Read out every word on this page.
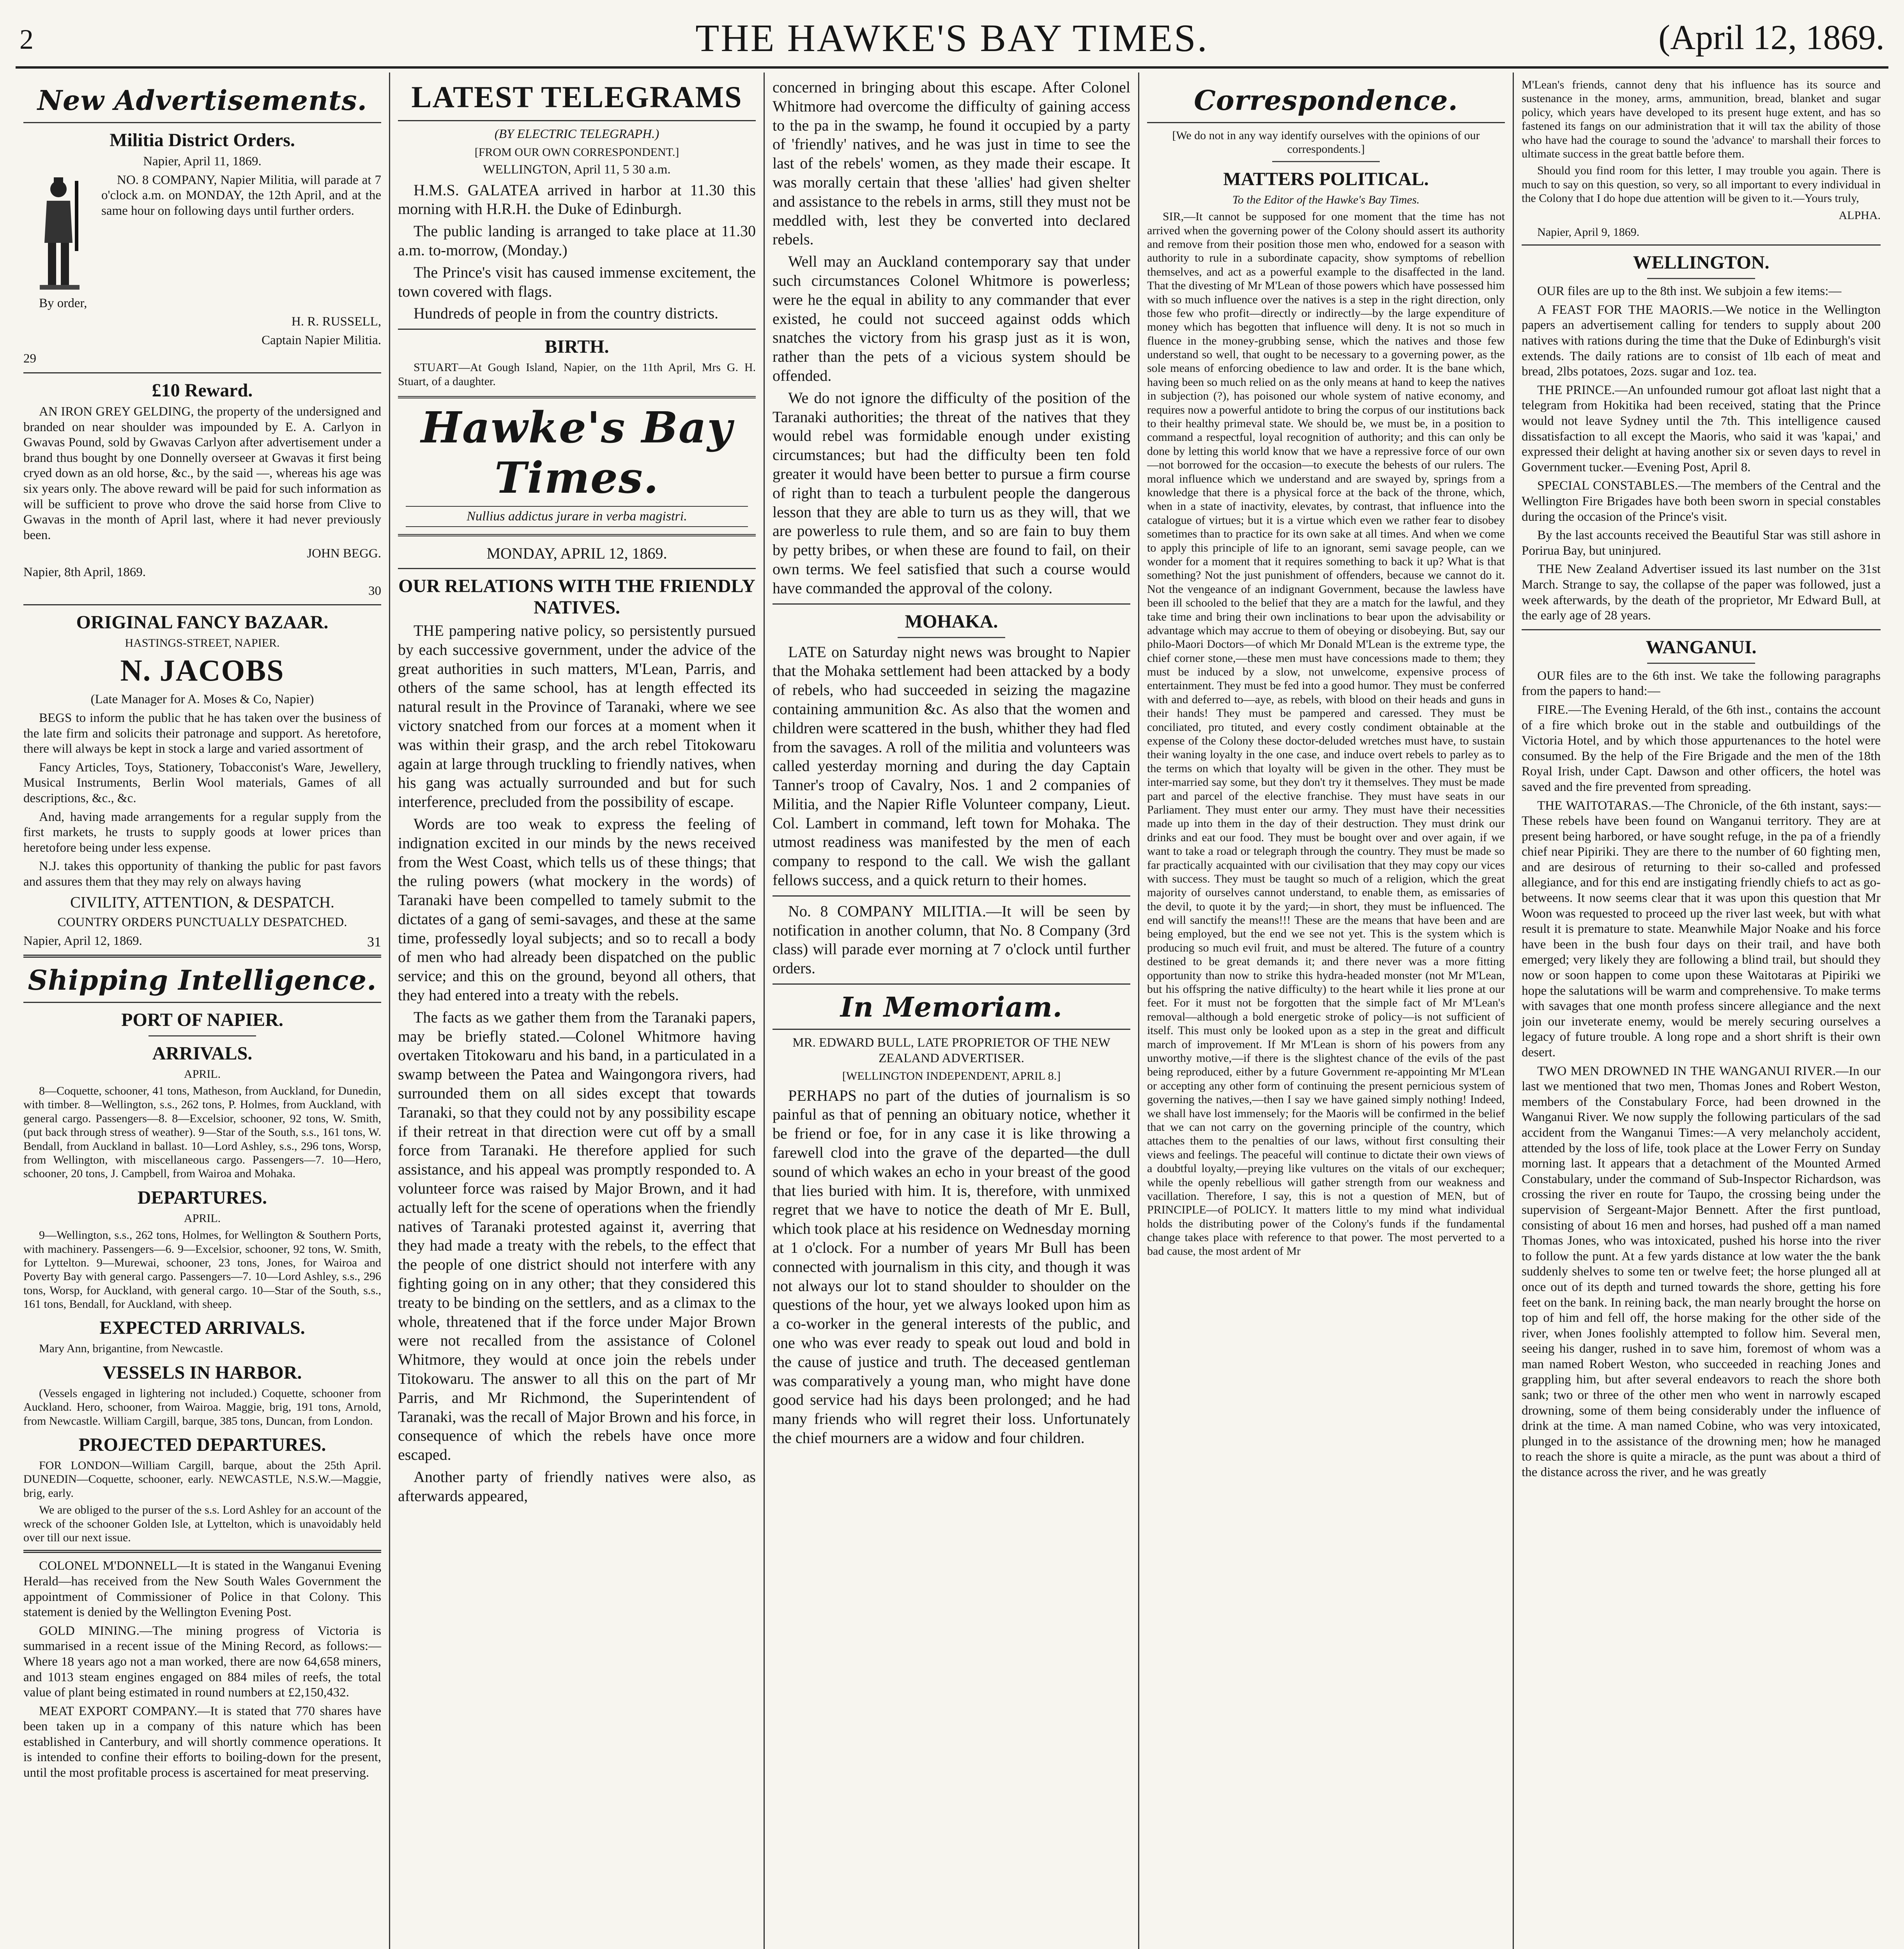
2	THE HAWKE'S BAY TIMES.	(April 12, 1869.
New Advertisements.
Militia District Orders.

Napier, April 11, 1869.

NO. 8 COMPANY, Napier Militia, will parade at 7 o'clock a.m. on MONDAY, the 12th April, and at the same hour on following days until further orders.

By order,

H. R. RUSSELL,

Captain Napier Militia.

29

£10 Reward.

AN IRON GREY GELDING, the property of the undersigned and branded on near shoulder was impounded by E. A. Carlyon in Gwavas Pound, sold by Gwavas Carlyon after advertisement under a brand thus bought by one Donnelly overseer at Gwavas it first being cryed down as an old horse, &c., by the said —, whereas his age was six years only. The above reward will be paid for such information as will be sufficient to prove who drove the said horse from Clive to Gwavas in the month of April last, where it had never previously been.

JOHN BEGG.

Napier, 8th April, 1869.

30

ORIGINAL FANCY BAZAAR.

HASTINGS-STREET, NAPIER.

N. JACOBS

(Late Manager for A. Moses & Co, Napier)

BEGS to inform the public that he has taken over the business of the late firm and solicits their patronage and support. As heretofore, there will always be kept in stock a large and varied assortment of

Fancy Articles, Toys, Stationery, Tobacconist's Ware, Jewellery, Musical Instruments, Berlin Wool materials, Games of all descriptions, &c., &c.

And, having made arrangements for a regular supply from the first markets, he trusts to supply goods at lower prices than heretofore being under less expense.

N.J. takes this opportunity of thanking the public for past favors and assures them that they may rely on always having

CIVILITY, ATTENTION, & DESPATCH.

COUNTRY ORDERS PUNCTUALLY DESPATCHED.

Napier, April 12, 1869.	31

Shipping Intelligence.
PORT OF NAPIER.
ARRIVALS.

APRIL.

8—Coquette, schooner, 41 tons, Matheson, from Auckland, for Dunedin, with timber. 8—Wellington, s.s., 262 tons, P. Holmes, from Auckland, with general cargo. Passengers—8. 8—Excelsior, schooner, 92 tons, W. Smith, (put back through stress of weather). 9—Star of the South, s.s., 161 tons, W. Bendall, from Auckland in ballast. 10—Lord Ashley, s.s., 296 tons, Worsp, from Wellington, with miscellaneous cargo. Passengers—7. 10—Hero, schooner, 20 tons, J. Campbell, from Wairoa and Mohaka.

DEPARTURES.

APRIL.

9—Wellington, s.s., 262 tons, Holmes, for Wellington & Southern Ports, with machinery. Passengers—6. 9—Excelsior, schooner, 92 tons, W. Smith, for Lyttelton. 9—Murewai, schooner, 23 tons, Jones, for Wairoa and Poverty Bay with general cargo. Passengers—7. 10—Lord Ashley, s.s., 296 tons, Worsp, for Auckland, with general cargo. 10—Star of the South, s.s., 161 tons, Bendall, for Auckland, with sheep.

EXPECTED ARRIVALS.

Mary Ann, brigantine, from Newcastle.

VESSELS IN HARBOR.

(Vessels engaged in lightering not included.) Coquette, schooner from Auckland. Hero, schooner, from Wairoa. Maggie, brig, 191 tons, Arnold, from Newcastle. William Cargill, barque, 385 tons, Duncan, from London.

PROJECTED DEPARTURES.

FOR LONDON—William Cargill, barque, about the 25th April. DUNEDIN—Coquette, schooner, early. NEWCASTLE, N.S.W.—Maggie, brig, early.

We are obliged to the purser of the s.s. Lord Ashley for an account of the wreck of the schooner Golden Isle, at Lyttelton, which is unavoidably held over till our next issue.

COLONEL M'DONNELL—It is stated in the Wanganui Evening Herald—has received from the New South Wales Government the appointment of Commissioner of Police in that Colony. This statement is denied by the Wellington Evening Post.

GOLD MINING.—The mining progress of Victoria is summarised in a recent issue of the Mining Record, as follows:—Where 18 years ago not a man worked, there are now 64,658 miners, and 1013 steam engines engaged on 884 miles of reefs, the total value of plant being estimated in round numbers at £2,150,432.

MEAT EXPORT COMPANY.—It is stated that 770 shares have been taken up in a company of this nature which has been established in Canterbury, and will shortly commence operations. It is intended to confine their efforts to boiling-down for the present, until the most profitable process is ascertained for meat preserving.

LATEST TELEGRAMS

(BY ELECTRIC TELEGRAPH.)

[FROM OUR OWN CORRESPONDENT.]

WELLINGTON, April 11, 5 30 a.m.

H.M.S. GALATEA arrived in harbor at 11.30 this morning with H.R.H. the Duke of Edinburgh.

The public landing is arranged to take place at 11.30 a.m. to-morrow, (Monday.)

The Prince's visit has caused immense excitement, the town covered with flags.

Hundreds of people in from the country districts.

BIRTH.

STUART—At Gough Island, Napier, on the 11th April, Mrs G. H. Stuart, of a daughter.

Hawke's Bay Times.
Nullius addictus jurare in verba magistri.
MONDAY, APRIL 12, 1869.
OUR RELATIONS WITH THE FRIENDLY NATIVES.

THE pampering native policy, so persistently pursued by each successive government, under the advice of the great authorities in such matters, M'Lean, Parris, and others of the same school, has at length effected its natural result in the Province of Taranaki, where we see victory snatched from our forces at a moment when it was within their grasp, and the arch rebel Titokowaru again at large through truckling to friendly natives, when his gang was actually surrounded and but for such interference, precluded from the possibility of escape.

Words are too weak to express the feeling of indignation excited in our minds by the news received from the West Coast, which tells us of these things; that the ruling powers (what mockery in the words) of Taranaki have been compelled to tamely submit to the dictates of a gang of semi-savages, and these at the same time, professedly loyal subjects; and so to recall a body of men who had already been dispatched on the public service; and this on the ground, beyond all others, that they had entered into a treaty with the rebels.

The facts as we gather them from the Taranaki papers, may be briefly stated.—Colonel Whitmore having overtaken Titokowaru and his band, in a particulated in a swamp between the Patea and Waingongora rivers, had surrounded them on all sides except that towards Taranaki, so that they could not by any possibility escape if their retreat in that direction were cut off by a small force from Taranaki. He therefore applied for such assistance, and his appeal was promptly responded to. A volunteer force was raised by Major Brown, and it had actually left for the scene of operations when the friendly natives of Taranaki protested against it, averring that they had made a treaty with the rebels, to the effect that the people of one district should not interfere with any fighting going on in any other; that they considered this treaty to be binding on the settlers, and as a climax to the whole, threatened that if the force under Major Brown were not recalled from the assistance of Colonel Whitmore, they would at once join the rebels under Titokowaru. The answer to all this on the part of Mr Parris, and Mr Richmond, the Superintendent of Taranaki, was the recall of Major Brown and his force, in consequence of which the rebels have once more escaped.

Another party of friendly natives were also, as afterwards appeared,

concerned in bringing about this escape. After Colonel Whitmore had overcome the difficulty of gaining access to the pa in the swamp, he found it occupied by a party of 'friendly' natives, and he was just in time to see the last of the rebels' women, as they made their escape. It was morally certain that these 'allies' had given shelter and assistance to the rebels in arms, still they must not be meddled with, lest they be converted into declared rebels.

Well may an Auckland contemporary say that under such circumstances Colonel Whitmore is powerless; were he the equal in ability to any commander that ever existed, he could not succeed against odds which snatches the victory from his grasp just as it is won, rather than the pets of a vicious system should be offended.

We do not ignore the difficulty of the position of the Taranaki authorities; the threat of the natives that they would rebel was formidable enough under existing circumstances; but had the difficulty been ten fold greater it would have been better to pursue a firm course of right than to teach a turbulent people the dangerous lesson that they are able to turn us as they will, that we are powerless to rule them, and so are fain to buy them by petty bribes, or when these are found to fail, on their own terms. We feel satisfied that such a course would have commanded the approval of the colony.

MOHAKA.

LATE on Saturday night news was brought to Napier that the Mohaka settlement had been attacked by a body of rebels, who had succeeded in seizing the magazine containing ammunition &c. As also that the women and children were scattered in the bush, whither they had fled from the savages. A roll of the militia and volunteers was called yesterday morning and during the day Captain Tanner's troop of Cavalry, Nos. 1 and 2 companies of Militia, and the Napier Rifle Volunteer company, Lieut. Col. Lambert in command, left town for Mohaka. The utmost readiness was manifested by the men of each company to respond to the call. We wish the gallant fellows success, and a quick return to their homes.

No. 8 COMPANY MILITIA.—It will be seen by notification in another column, that No. 8 Company (3rd class) will parade ever morning at 7 o'clock until further orders.

In Memoriam.

MR. EDWARD BULL, LATE PROPRIETOR OF THE NEW ZEALAND ADVERTISER.

[WELLINGTON INDEPENDENT, APRIL 8.]

PERHAPS no part of the duties of journalism is so painful as that of penning an obituary notice, whether it be friend or foe, for in any case it is like throwing a farewell clod into the grave of the departed—the dull sound of which wakes an echo in your breast of the good that lies buried with him. It is, therefore, with unmixed regret that we have to notice the death of Mr E. Bull, which took place at his residence on Wednesday morning at 1 o'clock. For a number of years Mr Bull has been connected with journalism in this city, and though it was not always our lot to stand shoulder to shoulder on the questions of the hour, yet we always looked upon him as a co-worker in the general interests of the public, and one who was ever ready to speak out loud and bold in the cause of justice and truth. The deceased gentleman was comparatively a young man, who might have done good service had his days been prolonged; and he had many friends who will regret their loss. Unfortunately the chief mourners are a widow and four children.

Correspondence.

[We do not in any way identify ourselves with the opinions of our correspondents.]

MATTERS POLITICAL.

To the Editor of the Hawke's Bay Times.

SIR,—It cannot be supposed for one moment that the time has not arrived when the governing power of the Colony should assert its authority and remove from their position those men who, endowed for a season with authority to rule in a subordinate capacity, show symptoms of rebellion themselves, and act as a powerful example to the disaffected in the land. That the divesting of Mr M'Lean of those powers which have possessed him with so much influence over the natives is a step in the right direction, only those few who profit—directly or indirectly—by the large expenditure of money which has begotten that influence will deny. It is not so much in fluence in the money-grubbing sense, which the natives and those few understand so well, that ought to be necessary to a governing power, as the sole means of enforcing obedience to law and order. It is the bane which, having been so much relied on as the only means at hand to keep the natives in subjection (?), has poisoned our whole system of native economy, and requires now a powerful antidote to bring the corpus of our institutions back to their healthy primeval state. We should be, we must be, in a position to command a respectful, loyal recognition of authority; and this can only be done by letting this world know that we have a repressive force of our own—not borrowed for the occasion—to execute the behests of our rulers. The moral influence which we understand and are swayed by, springs from a knowledge that there is a physical force at the back of the throne, which, when in a state of inactivity, elevates, by contrast, that influence into the catalogue of virtues; but it is a virtue which even we rather fear to disobey sometimes than to practice for its own sake at all times. And when we come to apply this principle of life to an ignorant, semi savage people, can we wonder for a moment that it requires something to back it up? What is that something? Not the just punishment of offenders, because we cannot do it. Not the vengeance of an indignant Government, because the lawless have been ill schooled to the belief that they are a match for the lawful, and they take time and bring their own inclinations to bear upon the advisability or advantage which may accrue to them of obeying or disobeying. But, say our philo-Maori Doctors—of which Mr Donald M'Lean is the extreme type, the chief corner stone,—these men must have concessions made to them; they must be induced by a slow, not unwelcome, expensive process of entertainment. They must be fed into a good humor. They must be conferred with and deferred to—aye, as rebels, with blood on their heads and guns in their hands! They must be pampered and caressed. They must be conciliated, pro tituted, and every costly condiment obtainable at the expense of the Colony these doctor-deluded wretches must have, to sustain their waning loyalty in the one case, and induce overt rebels to parley as to the terms on which that loyalty will be given in the other. They must be inter-married say some, but they don't try it themselves. They must be made part and parcel of the elective franchise. They must have seats in our Parliament. They must enter our army. They must have their necessities made up into them in the day of their destruction. They must drink our drinks and eat our food. They must be bought over and over again, if we want to take a road or telegraph through the country. They must be made so far practically acquainted with our civilisation that they may copy our vices with success. They must be taught so much of a religion, which the great majority of ourselves cannot understand, to enable them, as emissaries of the devil, to quote it by the yard;—in short, they must be influenced. The end will sanctify the means!!! These are the means that have been and are being employed, but the end we see not yet. This is the system which is producing so much evil fruit, and must be altered. The future of a country destined to be great demands it; and there never was a more fitting opportunity than now to strike this hydra-headed monster (not Mr M'Lean, but his offspring the native difficulty) to the heart while it lies prone at our feet. For it must not be forgotten that the simple fact of Mr M'Lean's removal—although a bold energetic stroke of policy—is not sufficient of itself. This must only be looked upon as a step in the great and difficult march of improvement. If Mr M'Lean is shorn of his powers from any unworthy motive,—if there is the slightest chance of the evils of the past being reproduced, either by a future Government re-appointing Mr M'Lean or accepting any other form of continuing the present pernicious system of governing the natives,—then I say we have gained simply nothing! Indeed, we shall have lost immensely; for the Maoris will be confirmed in the belief that we can not carry on the governing principle of the country, which attaches them to the penalties of our laws, without first consulting their views and feelings. The peaceful will continue to dictate their own views of a doubtful loyalty,—preying like vultures on the vitals of our exchequer; while the openly rebellious will gather strength from our weakness and vacillation. Therefore, I say, this is not a question of MEN, but of PRINCIPLE—of POLICY. It matters little to my mind what individual holds the distributing power of the Colony's funds if the fundamental change takes place with reference to that power. The most perverted to a bad cause, the most ardent of Mr

M'Lean's friends, cannot deny that his influence has its source and sustenance in the money, arms, ammunition, bread, blanket and sugar policy, which years have developed to its present huge extent, and has so fastened its fangs on our administration that it will tax the ability of those who have had the courage to sound the 'advance' to marshall their forces to ultimate success in the great battle before them.

Should you find room for this letter, I may trouble you again. There is much to say on this question, so very, so all important to every individual in the Colony that I do hope due attention will be given to it.—Yours truly,

ALPHA.

Napier, April 9, 1869.

WELLINGTON.

OUR files are up to the 8th inst. We subjoin a few items:—

A FEAST FOR THE MAORIS.—We notice in the Wellington papers an advertisement calling for tenders to supply about 200 natives with rations during the time that the Duke of Edinburgh's visit extends. The daily rations are to consist of 1lb each of meat and bread, 2lbs potatoes, 2ozs. sugar and 1oz. tea.

THE PRINCE.—An unfounded rumour got afloat last night that a telegram from Hokitika had been received, stating that the Prince would not leave Sydney until the 7th. This intelligence caused dissatisfaction to all except the Maoris, who said it was 'kapai,' and expressed their delight at having another six or seven days to revel in Government tucker.—Evening Post, April 8.

SPECIAL CONSTABLES.—The members of the Central and the Wellington Fire Brigades have both been sworn in special constables during the occasion of the Prince's visit.

By the last accounts received the Beautiful Star was still ashore in Porirua Bay, but uninjured.

THE New Zealand Advertiser issued its last number on the 31st March. Strange to say, the collapse of the paper was followed, just a week afterwards, by the death of the proprietor, Mr Edward Bull, at the early age of 28 years.

WANGANUI.

OUR files are to the 6th inst. We take the following paragraphs from the papers to hand:—

FIRE.—The Evening Herald, of the 6th inst., contains the account of a fire which broke out in the stable and outbuildings of the Victoria Hotel, and by which those appurtenances to the hotel were consumed. By the help of the Fire Brigade and the men of the 18th Royal Irish, under Capt. Dawson and other officers, the hotel was saved and the fire prevented from spreading.

THE WAITOTARAS.—The Chronicle, of the 6th instant, says:—These rebels have been found on Wanganui territory. They are at present being harbored, or have sought refuge, in the pa of a friendly chief near Pipiriki. They are there to the number of 60 fighting men, and are desirous of returning to their so-called and professed allegiance, and for this end are instigating friendly chiefs to act as go-betweens. It now seems clear that it was upon this question that Mr Woon was requested to proceed up the river last week, but with what result it is premature to state. Meanwhile Major Noake and his force have been in the bush four days on their trail, and have both emerged; very likely they are following a blind trail, but should they now or soon happen to come upon these Waitotaras at Pipiriki we hope the salutations will be warm and comprehensive. To make terms with savages that one month profess sincere allegiance and the next join our inveterate enemy, would be merely securing ourselves a legacy of future trouble. A long rope and a short shrift is their own desert.

TWO MEN DROWNED IN THE WANGANUI RIVER.—In our last we mentioned that two men, Thomas Jones and Robert Weston, members of the Constabulary Force, had been drowned in the Wanganui River. We now supply the following particulars of the sad accident from the Wanganui Times:—A very melancholy accident, attended by the loss of life, took place at the Lower Ferry on Sunday morning last. It appears that a detachment of the Mounted Armed Constabulary, under the command of Sub-Inspector Richardson, was crossing the river en route for Taupo, the crossing being under the supervision of Sergeant-Major Bennett. After the first puntload, consisting of about 16 men and horses, had pushed off a man named Thomas Jones, who was intoxicated, pushed his horse into the river to follow the punt. At a few yards distance at low water the the bank suddenly shelves to some ten or twelve feet; the horse plunged all at once out of its depth and turned towards the shore, getting his fore feet on the bank. In reining back, the man nearly brought the horse on top of him and fell off, the horse making for the other side of the river, when Jones foolishly attempted to follow him. Several men, seeing his danger, rushed in to save him, foremost of whom was a man named Robert Weston, who succeeded in reaching Jones and grappling him, but after several endeavors to reach the shore both sank; two or three of the other men who went in narrowly escaped drowning, some of them being considerably under the influence of drink at the time. A man named Cobine, who was very intoxicated, plunged in to the assistance of the drowning men; how he managed to reach the shore is quite a miracle, as the punt was about a third of the distance across the river, and he was greatly
